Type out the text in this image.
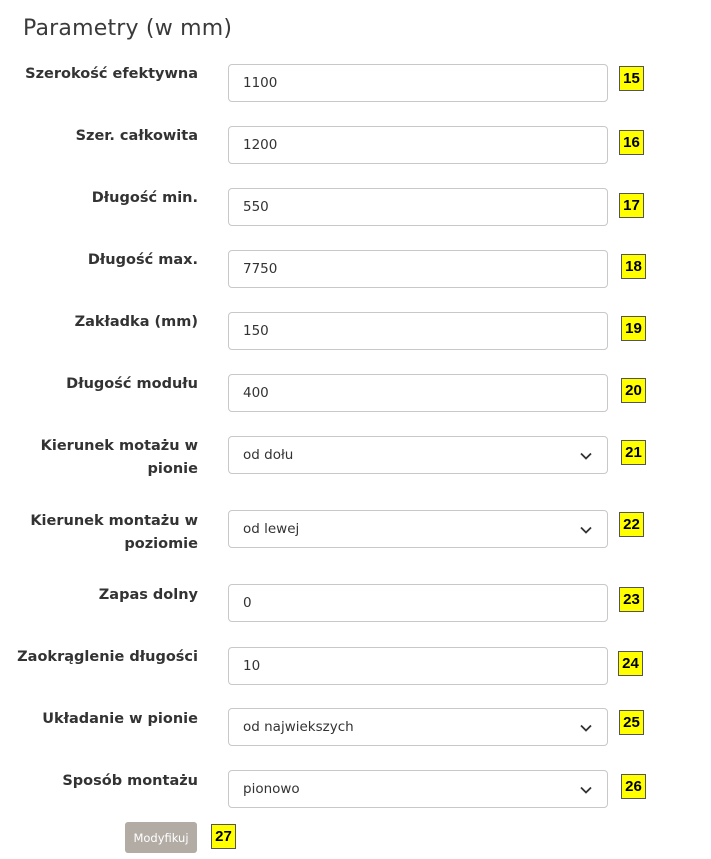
Parametry (w mm)
Szerokość efektywna
1100	15
Szer. całkowita
1200	16
Długość min.
550	17
Długość max.
7750	18
Zakładka (mm)
150	19
Długość modułu
400	20
Kierunek motażu w
pionie
od dołu	21
Kierunek montażu w
poziomie
od lewej	22
Zapas dolny
0	23
Zaokrąglenie długości
10	24
Układanie w pionie	od najwiekszych	25
Sposób montażu	pionowo	26
Modyfikuj	27
